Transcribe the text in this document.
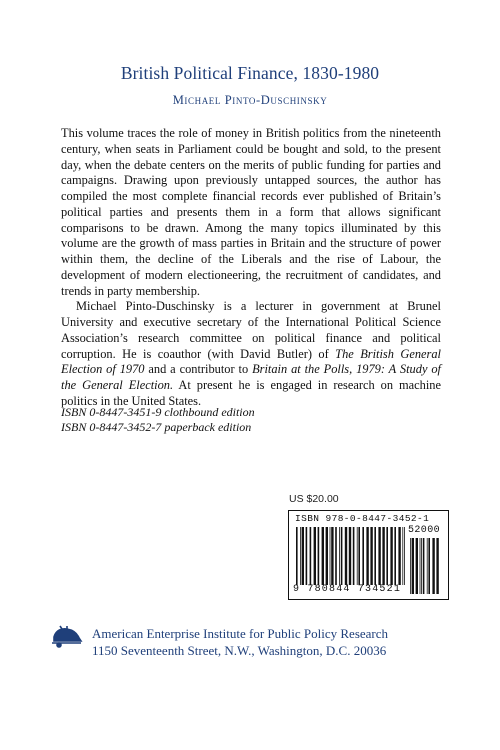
British Political Finance, 1830-1980
Michael Pinto-Duschinsky

This volume traces the role of money in British politics from the nineteenth century, when seats in Parliament could be bought and sold, to the present day, when the debate centers on the merits of public funding for parties and campaigns. Drawing upon previously untapped sources, the author has compiled the most complete financial records ever published of Britain’s political parties and presents them in a form that allows significant comparisons to be drawn. Among the many topics illuminated by this volume are the growth of mass parties in Britain and the structure of power within them, the decline of the Liberals and the rise of Labour, the development of modern electioneering, the recruitment of candidates, and trends in party membership.

Michael Pinto-Duschinsky is a lecturer in government at Brunel University and executive secretary of the International Political Science Association’s research committee on political finance and political corruption. He is coauthor (with David Butler) of The British General Election of 1970 and a contributor to Britain at the Polls, 1979: A Study of the General Election. At present he is engaged in research on machine politics in the United States.

ISBN 0-8447-3451-9 clothbound edition
ISBN 0-8447-3452-7 paperback edition
US $20.00
ISBN 978-0-8447-3452-1
52000
9 780844 734521
American Enterprise Institute for Public Policy Research
1150 Seventeenth Street, N.W., Washington, D.C. 20036
